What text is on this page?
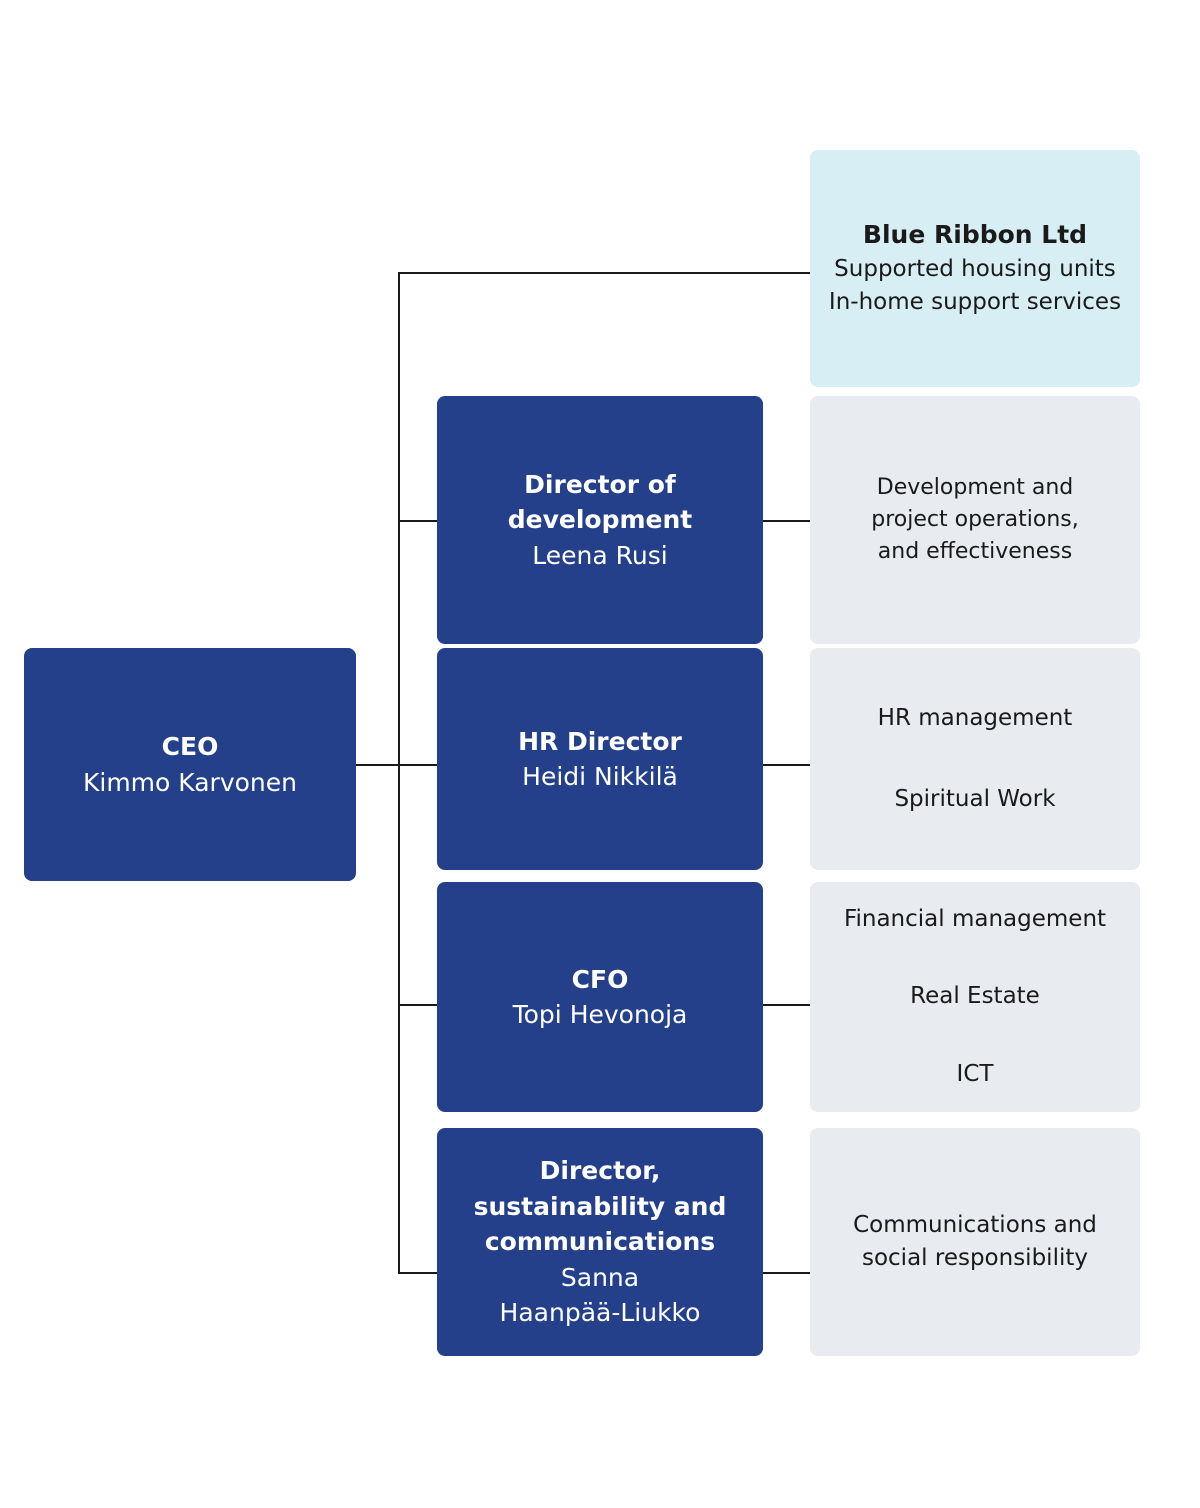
CEO
Kimmo Karvonen
Blue Ribbon Ltd
Supported housing units
In-home support services
Director of
development
Leena Rusi
Development and
project operations,
and effectiveness
HR Director
Heidi Nikkilä
HR management
Spiritual Work
CFO
Topi Hevonoja
Financial management
Real Estate
ICT
Director,
sustainability and
communications
Sanna
Haanpää-Liukko
Communications and
social responsibility
